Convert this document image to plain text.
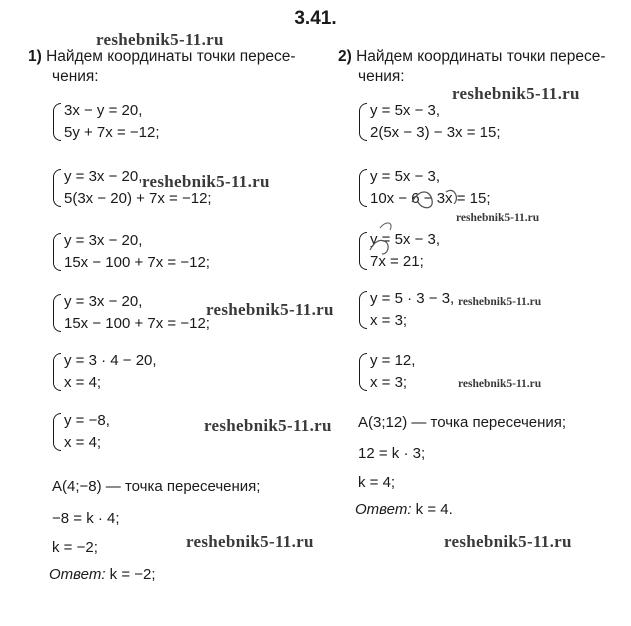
3.41.
1) Найдем координаты точки пересе-
чения:
3x − y = 20,
5y + 7x = −12;
y = 3x − 20,
5(3x − 20) + 7x = −12;
y = 3x − 20,
15x − 100 + 7x = −12;
y = 3x − 20,
15x − 100 + 7x = −12;
y = 3 · 4 − 20,
x = 4;
y = −8,
x = 4;
A(4;−8) — точка пересечения;
−8 = k · 4;
k = −2;
Ответ: k = −2;
2) Найдем координаты точки пересе-
чения:
y = 5x − 3,
2(5x − 3) − 3x = 15;
y = 5x − 3,
10x − 6 − 3x = 15;
y = 5x − 3,
7x = 21;
y = 5 · 3 − 3,
x = 3;
y = 12,
x = 3;
A(3;12) — точка пересечения;
12 = k · 3;
k = 4;
Ответ: k = 4.
reshebnik5-11.ru
reshebnik5-11.ru
reshebnik5-11.ru
reshebnik5-11.ru
reshebnik5-11.ru	reshebnik5-11.ru
reshebnik5-11.ru
reshebnik5-11.ru
reshebnik5-11.ru	reshebnik5-11.ru
